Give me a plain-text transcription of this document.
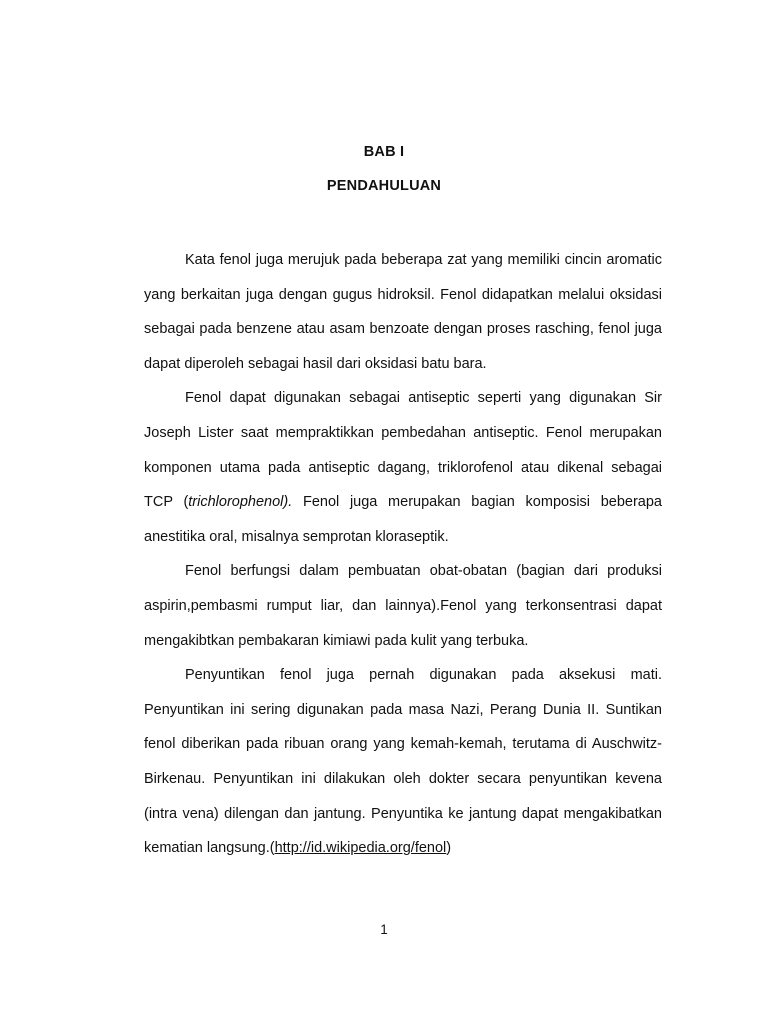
BAB I
PENDAHULUAN

Kata fenol juga merujuk pada beberapa zat yang memiliki cincin aromatic yang berkaitan juga dengan gugus hidroksil. Fenol didapatkan melalui oksidasi sebagai pada benzene atau asam benzoate dengan proses rasching, fenol juga dapat diperoleh sebagai hasil dari oksidasi batu bara.

Fenol dapat digunakan sebagai antiseptic seperti yang digunakan Sir Joseph Lister saat mempraktikkan pembedahan antiseptic. Fenol merupakan komponen utama pada antiseptic dagang, triklorofenol atau dikenal sebagai TCP (trichlorophenol). Fenol juga merupakan bagian komposisi beberapa anestitika oral, misalnya semprotan kloraseptik.

Fenol berfungsi dalam pembuatan obat-obatan (bagian dari produksi aspirin,pembasmi rumput liar, dan lainnya).Fenol yang terkonsentrasi dapat mengakibtkan pembakaran kimiawi pada kulit yang terbuka.

Penyuntikan fenol juga pernah digunakan pada aksekusi mati. Penyuntikan ini sering digunakan pada masa Nazi, Perang Dunia II. Suntikan fenol diberikan pada ribuan orang yang kemah-kemah, terutama di Auschwitz-Birkenau. Penyuntikan ini dilakukan oleh dokter secara penyuntikan kevena (intra vena) dilengan dan jantung. Penyuntika ke jantung dapat mengakibatkan kematian langsung.(http://id.wikipedia.org/fenol)

1
